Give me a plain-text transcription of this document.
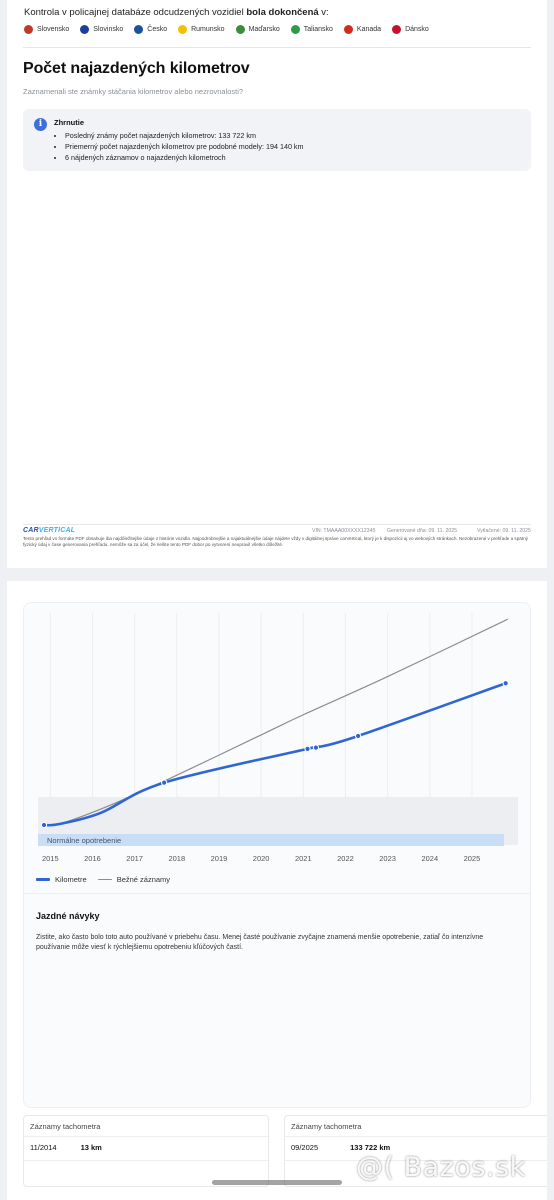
Kontrola v policajnej databáze odcudzených vozidiel bola dokončená v:
Slovensko	Slovinsko	Česko	Rumunsko	Maďarsko	Taliansko	Kanada	Dánsko
Počet najazdených kilometrov
Zaznamenali ste známky stáčania kilometrov alebo nezrovnalosti?
i	Zhrnutie
• Posledný známy počet najazdených kilometrov: 133 722 km
• Priemerný počet najazdených kilometrov pre podobné modely: 194 140 km
• 6 nájdených záznamov o najazdených kilometroch
CARVERTICAL	VIN: TMAAA00XXXX12345 Generované dňa: 09. 11. 2025	Vytlačené: 09. 11. 2025
Tento prehľad vo formáte PDF obsahuje iba najdôležitejšie údaje z histórie vozidla. Najpodrobnejšie a najaktuálnejšie údaje nájdete vždy v digitálnej správe carVertical, ktorý je k dispozícii aj vo webových stránkach. Nezobrazené v prehľade a spätný fyzický údaj v čase generovania prehľadu, nemôže sa za účel, že riešite tento PDF dobor po vytvorení neupravil všetko dôležité.
Normálne opotrebenie
2015	2016	2017	2018	2019	2020	2021	2022	2023	2024	2025
Kilometre	Bežné záznamy
Jazdné návyky
Zistite, ako často bolo toto auto používané v priebehu času. Menej časté používanie zvyčajne znamená menšie opotrebenie, zatiaľ čo intenzívne používanie môže viesť k rýchlejšiemu opotrebeniu kľúčových častí.
Záznamy tachometra
11/2014	13 km
Záznamy tachometra
09/2025	133 722 km
@( Bazos.sk
